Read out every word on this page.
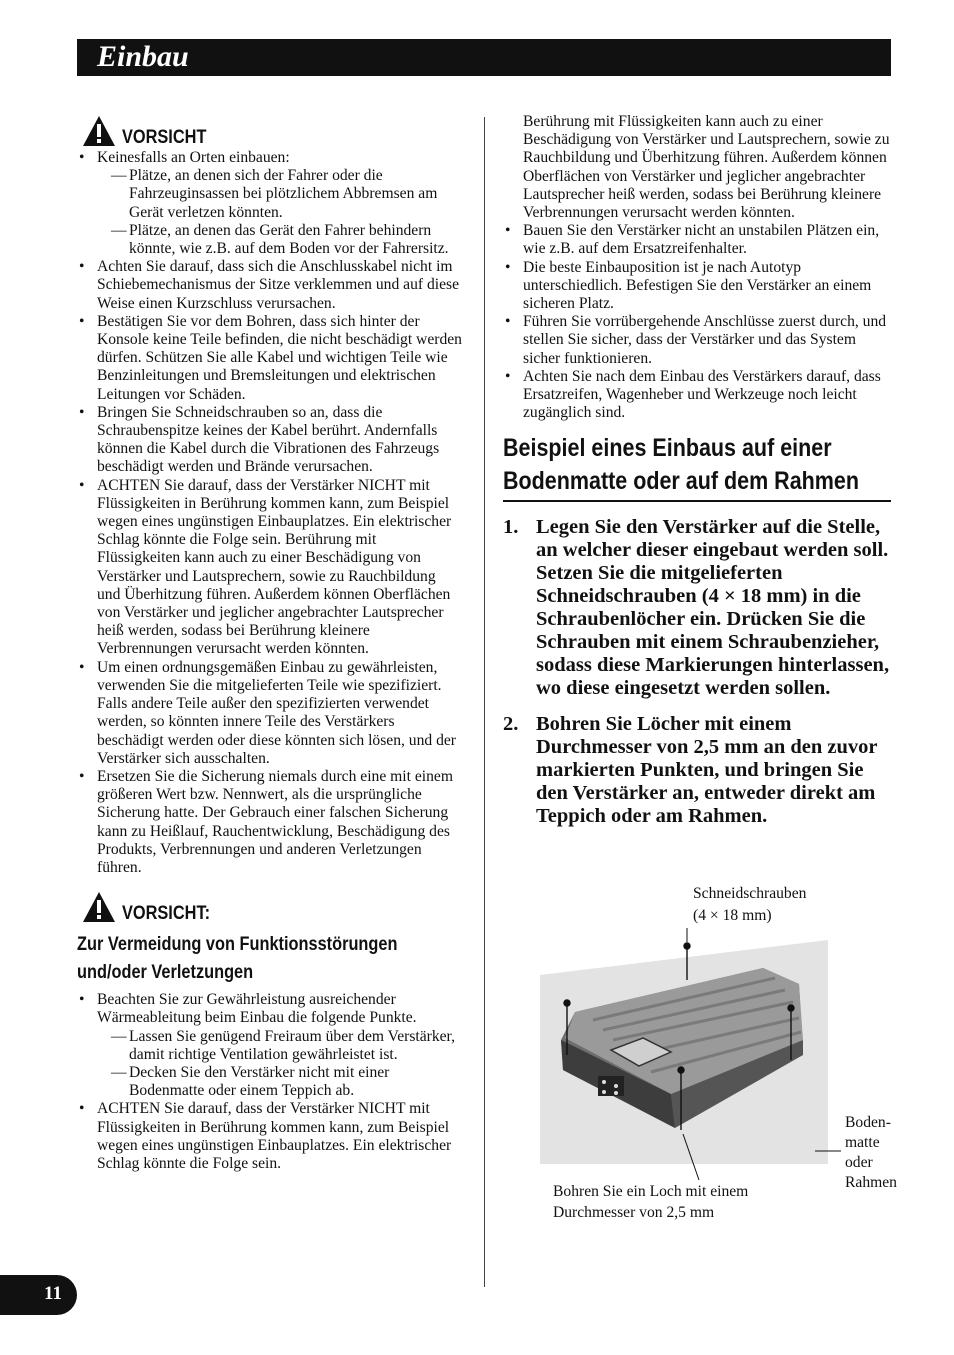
Einbau
VORSICHT
• Keinesfalls an Orten einbauen:
— Plätze, an denen sich der Fahrer oder die Fahrzeuginsassen bei plötzlichem Abbremsen am Gerät verletzen könnten.
— Plätze, an denen das Gerät den Fahrer behindern könnte, wie z.B. auf dem Boden vor der Fahrersitz.
• Achten Sie darauf, dass sich die Anschlusskabel nicht im Schiebemechanismus der Sitze verklemmen und auf diese Weise einen Kurzschluss verursachen.
• Bestätigen Sie vor dem Bohren, dass sich hinter der Konsole keine Teile befinden, die nicht beschädigt werden dürfen. Schützen Sie alle Kabel und wichtigen Teile wie Benzinleitungen und Bremsleitungen und elektrischen Leitungen vor Schäden.
• Bringen Sie Schneidschrauben so an, dass die Schraubenspitze keines der Kabel berührt. Andernfalls können die Kabel durch die Vibrationen des Fahrzeugs beschädigt werden und Brände verursachen.
• ACHTEN Sie darauf, dass der Verstärker NICHT mit Flüssigkeiten in Berührung kommen kann, zum Beispiel wegen eines ungünstigen Einbauplatzes. Ein elektrischer Schlag könnte die Folge sein. Berührung mit Flüssigkeiten kann auch zu einer Beschädigung von Verstärker und Lautsprechern, sowie zu Rauchbildung und Überhitzung führen. Außerdem können Oberflächen von Verstärker und jeglicher angebrachter Lautsprecher heiß werden, sodass bei Berührung kleinere Verbrennungen verursacht werden könnten.
• Um einen ordnungsgemäßen Einbau zu gewährleisten, verwenden Sie die mitgelieferten Teile wie spezifiziert. Falls andere Teile außer den spezifizierten verwendet werden, so könnten innere Teile des Verstärkers beschädigt werden oder diese könnten sich lösen, und der Verstärker sich ausschalten.
• Ersetzen Sie die Sicherung niemals durch eine mit einem größeren Wert bzw. Nennwert, als die ursprüngliche Sicherung hatte. Der Gebrauch einer falschen Sicherung kann zu Heißlauf, Rauchentwicklung, Beschädigung des Produkts, Verbrennungen und anderen Verletzungen führen.
VORSICHT:
Zur Vermeidung von Funktionsstörungen und/oder Verletzungen
• Beachten Sie zur Gewährleistung ausreichender Wärmeableitung beim Einbau die folgende Punkte.
— Lassen Sie genügend Freiraum über dem Verstärker, damit richtige Ventilation gewährleistet ist.
— Decken Sie den Verstärker nicht mit einer Bodenmatte oder einem Teppich ab.
• ACHTEN Sie darauf, dass der Verstärker NICHT mit Flüssigkeiten in Berührung kommen kann, zum Beispiel wegen eines ungünstigen Einbauplatzes. Ein elektrischer Schlag könnte die Folge sein.
Berührung mit Flüssigkeiten kann auch zu einer Beschädigung von Verstärker und Lautsprechern, sowie zu Rauchbildung und Überhitzung führen. Außerdem können Oberflächen von Verstärker und jeglicher angebrachter Lautsprecher heiß werden, sodass bei Berührung kleinere Verbrennungen verursacht werden könnten.
• Bauen Sie den Verstärker nicht an unstabilen Plätzen ein, wie z.B. auf dem Ersatzreifenhalter.
• Die beste Einbauposition ist je nach Autotyp unterschiedlich. Befestigen Sie den Verstärker an einem sicheren Platz.
• Führen Sie vorrübergehende Anschlüsse zuerst durch, und stellen Sie sicher, dass der Verstärker und das System sicher funktionieren.
• Achten Sie nach dem Einbau des Verstärkers darauf, dass Ersatzreifen, Wagenheber und Werkzeuge noch leicht zugänglich sind.
Beispiel eines Einbaus auf einer Bodenmatte oder auf dem Rahmen
1. Legen Sie den Verstärker auf die Stelle, an welcher dieser eingebaut werden soll. Setzen Sie die mitgelieferten Schneidschrauben (4 × 18 mm) in die Schraubenlöcher ein. Drücken Sie die Schrauben mit einem Schraubenzieher, sodass diese Markierungen hinterlassen, wo diese eingesetzt werden sollen.
2. Bohren Sie Löcher mit einem Durchmesser von 2,5 mm an den zuvor markierten Punkten, und bringen Sie den Verstärker an, entweder direkt am Teppich oder am Rahmen.
Schneidschrauben
(4 × 18 mm)
Boden-
matte
oder
Rahmen
Bohren Sie ein Loch mit einem
Durchmesser von 2,5 mm
11
